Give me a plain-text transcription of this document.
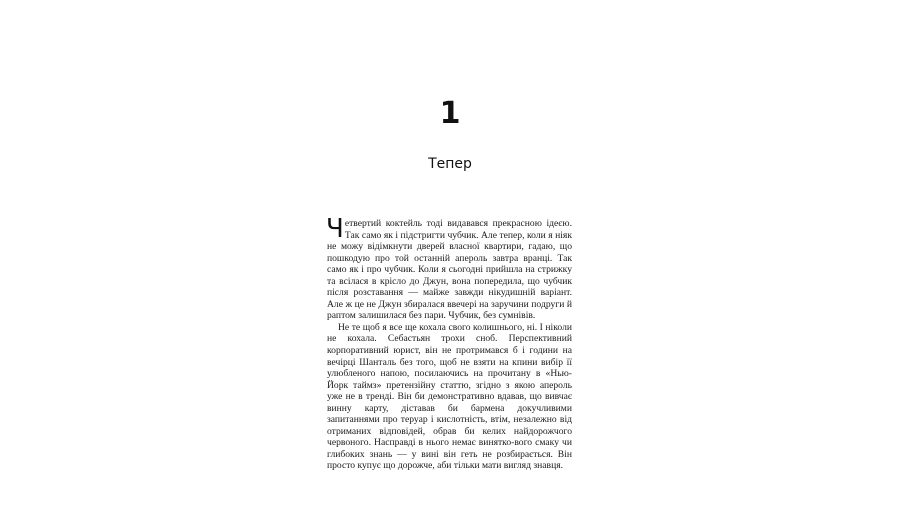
1
Тепер

Четвертий коктейль тоді видавався прекрасною ідеєю. Так само як і підстригти чубчик. Але тепер, коли я ніяк не можу відімкнути дверей власної квартири, гадаю, що пошкодую про той останній апероль завтра вранці. Так само як і про чубчик. Коли я сьогодні прийшла на стрижку та всілася в крісло до Джун, вона попередила, що чубчик після розставання — майже завжди нікудишній варіант. Але ж це не Джун збиралася ввечері на заручини подруги й раптом залишилася без пари. Чубчик, без сумнівів.

Не те щоб я все ще кохала свого колишнього, ні. І ніколи не кохала. Себастьян трохи сноб. Перспективний корпоративний юрист, він не протримався б і години на вечірці Шанталь без того, щоб не взяти на кпини вибір її улюбленого напою, посилаючись на прочитану в «Нью-Йорк таймз» претензійну статтю, згідно з якою апероль уже не в тренді. Він би демонстративно вдавав, що вивчає винну карту, діставав би бармена докучливими запитаннями про теруар і кислотність, втім, незалежно від отриманих відповідей, обрав би келих найдорожчого червоного. Насправді в нього немає винятко-вого смаку чи глибоких знань — у вині він геть не розбирається. Він просто купує що дорожче, аби тільки мати вигляд знавця.
